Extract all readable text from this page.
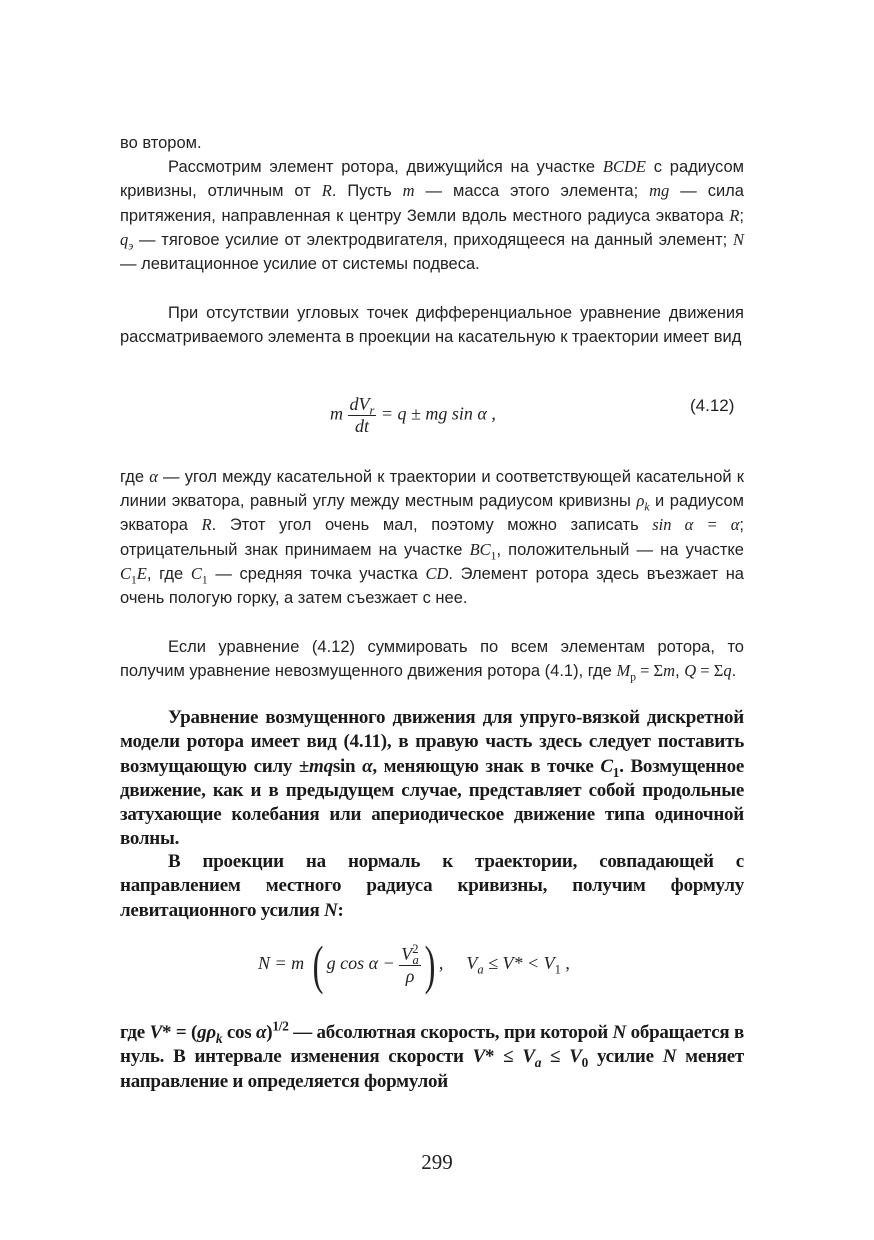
во втором.
Рассмотрим элемент ротора, движущийся на участке BCDE с радиусом кривизны, отличным от R. Пусть m — масса этого элемента; mg — сила притяжения, направленная к центру Земли вдоль местного радиуса экватора R; $q_э$ — тяговое усилие от электродвигателя, приходящееся на данный элемент; N — левитационное усилие от системы подвеса.

При отсутствии угловых точек дифференциальное уравнение движения рассматриваемого элемента в проекции на касательную к траектории имеет вид

m $\frac{dV_r}{dt} = q$ ± mg sin α ,	(4.12)

где α — угол между касательной к траектории и соответствующей касательной к линии экватора, равный углу между местным радиусом кривизны $\rho_k$ и радиусом экватора R. Этот угол очень мал, поэтому можно записать sin α = α; отрицательный знак принимаем на участке $BC_1$, положительный — на участке $C_1E$, где $C_1$ — средняя точка участка CD. Элемент ротора здесь въезжает на очень пологую горку, а затем съезжает с нее.

Если уравнение (4.12) суммировать по всем элементам ротора, то получим уравнение невозмущенного движения ротора (4.1), где $M_р = \Sigma m$, Q = Σq.

Уравнение возмущенного движения для упруго-вязкой дискретной модели ротора имеет вид (4.11), в правую часть здесь следует поставить возмущающую силу ±mqsin α, меняющую знак в точке $C_1$. Возмущенное движение, как и в предыдущем случае, представляет собой продольные затухающие колебания или апериодическое движение типа одиночной волны.

В проекции на нормаль к траектории, совпадающей с направлением местного радиуса кривизны, получим формулу левитационного усилия N:

N = m ( g $\cos \alpha - \frac{V^2_a}{\rho}$ ) , $V_a \le V* < V_1$ ,

где $V* = (g\rho_k$ cos α)$^{1/2}$ — абсолютная скорость, при которой N обращается в нуль. В интервале изменения скорости $V* \le V_a \le V_0$ усилие N меняет направление и определяется формулой

299
